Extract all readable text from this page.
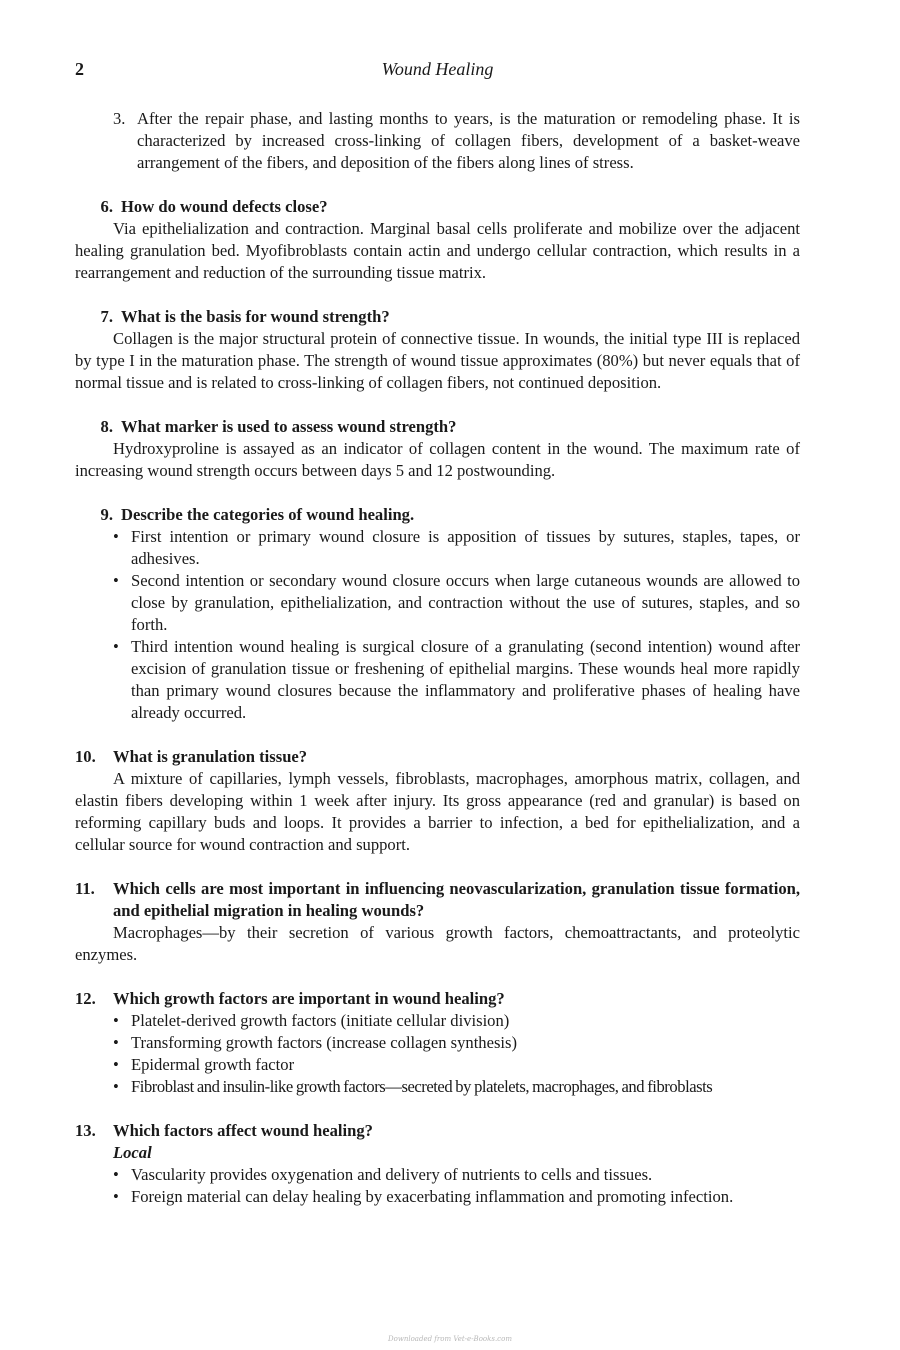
2	Wound Healing
3. After the repair phase, and lasting months to years, is the maturation or remodeling phase. It is characterized by increased cross-linking of collagen fibers, development of a basket-weave arrangement of the fibers, and deposition of the fibers along lines of stress.
6. How do wound defects close?

Via epithelialization and contraction. Marginal basal cells proliferate and mobilize over the adjacent healing granulation bed. Myofibroblasts contain actin and undergo cellular contraction, which results in a rearrangement and reduction of the surrounding tissue matrix.

7. What is the basis for wound strength?

Collagen is the major structural protein of connective tissue. In wounds, the initial type III is replaced by type I in the maturation phase. The strength of wound tissue approximates (80%) but never equals that of normal tissue and is related to cross-linking of collagen fibers, not continued deposition.

8. What marker is used to assess wound strength?

Hydroxyproline is assayed as an indicator of collagen content in the wound. The maximum rate of increasing wound strength occurs between days 5 and 12 postwounding.

9. Describe the categories of wound healing.
• First intention or primary wound closure is apposition of tissues by sutures, staples, tapes, or adhesives.
• Second intention or secondary wound closure occurs when large cutaneous wounds are allowed to close by granulation, epithelialization, and contraction without the use of sutures, staples, and so forth.
• Third intention wound healing is surgical closure of a granulating (second intention) wound after excision of granulation tissue or freshening of epithelial margins. These wounds heal more rapidly than primary wound closures because the inflammatory and proliferative phases of healing have already occurred.
10.	What is granulation tissue?

A mixture of capillaries, lymph vessels, fibroblasts, macrophages, amorphous matrix, collagen, and elastin fibers developing within 1 week after injury. Its gross appearance (red and granular) is based on reforming capillary buds and loops. It provides a barrier to infection, a bed for epithelialization, and a cellular source for wound contraction and support.

11.	Which cells are most important in influencing neovascularization, granulation tissue formation, and epithelial migration in healing wounds?

Macrophages—by their secretion of various growth factors, chemoattractants, and proteolytic enzymes.

12.	Which growth factors are important in wound healing?
• Platelet-derived growth factors (initiate cellular division)
• Transforming growth factors (increase collagen synthesis)
• Epidermal growth factor
• Fibroblast and insulin-like growth factors—secreted by platelets, macrophages, and fibroblasts
13.	Which factors affect wound healing?
Local
• Vascularity provides oxygenation and delivery of nutrients to cells and tissues.
• Foreign material can delay healing by exacerbating inflammation and promoting infection.
Downloaded from Vet-e-Books.com
